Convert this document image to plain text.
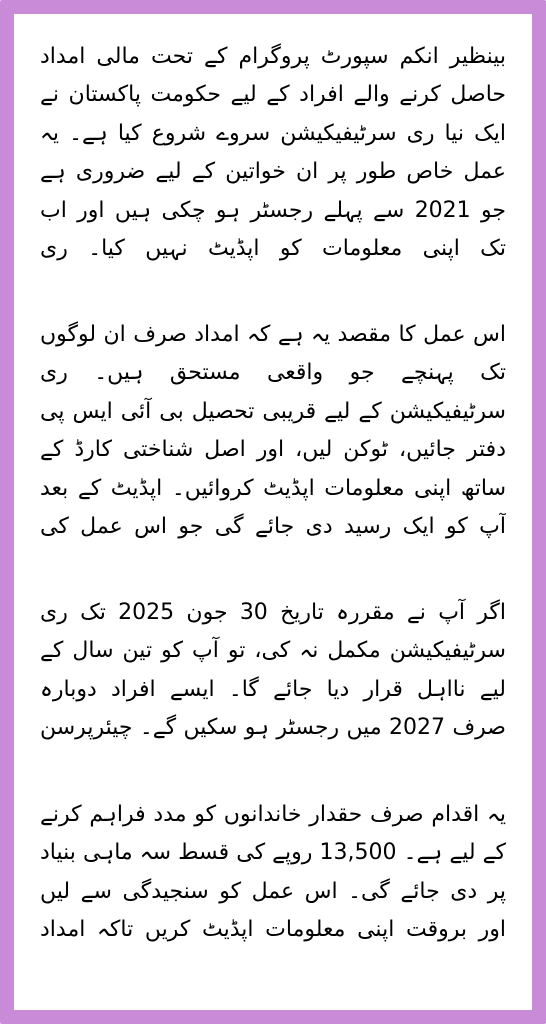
بینظیر انکم سپورٹ پروگرام کے تحت مالی امداد حاصل کرنے والے افراد کے لیے حکومت پاکستان نے ایک نیا ری سرٹیفیکیشن سروے شروع کیا ہے۔ یہ عمل خاص طور پر ان خواتین کے لیے ضروری ہے جو 2021 سے پہلے رجسٹر ہو چکی ہیں اور اب تک اپنی معلومات کو اپڈیٹ نہیں کیا۔ ری

اس عمل کا مقصد یہ ہے کہ امداد صرف ان لوگوں تک پہنچے جو واقعی مستحق ہیں۔ ری سرٹیفیکیشن کے لیے قریبی تحصیل بی آئی ایس پی دفتر جائیں، ٹوکن لیں، اور اصل شناختی کارڈ کے ساتھ اپنی معلومات اپڈیٹ کروائیں۔ اپڈیٹ کے بعد آپ کو ایک رسید دی جائے گی جو اس عمل کی

اگر آپ نے مقررہ تاریخ 30 جون 2025 تک ری سرٹیفیکیشن مکمل نہ کی، تو آپ کو تین سال کے لیے نااہل قرار دیا جائے گا۔ ایسے افراد دوبارہ صرف 2027 میں رجسٹر ہو سکیں گے۔ چیئرپرسن

یہ اقدام صرف حقدار خاندانوں کو مدد فراہم کرنے کے لیے ہے۔ 13,500 روپے کی قسط سہ ماہی بنیاد پر دی جائے گی۔ اس عمل کو سنجیدگی سے لیں اور بروقت اپنی معلومات اپڈیٹ کریں تاکہ امداد
